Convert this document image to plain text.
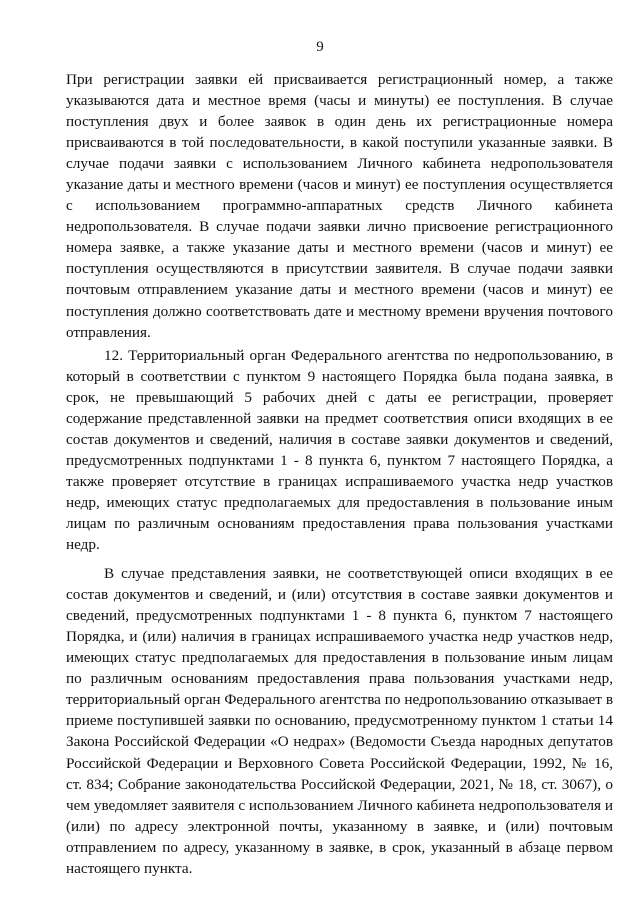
9

При регистрации заявки ей присваивается регистрационный номер, а также указываются дата и местное время (часы и минуты) ее поступления. В случае поступления двух и более заявок в один день их регистрационные номера присваиваются в той последовательности, в какой поступили указанные заявки. В случае подачи заявки с использованием Личного кабинета недропользователя указание даты и местного времени (часов и минут) ее поступления осуществляется с использованием программно-аппаратных средств Личного кабинета недропользователя. В случае подачи заявки лично присвоение регистрационного номера заявке, а также указание даты и местного времени (часов и минут) ее поступления осуществляются в присутствии заявителя. В случае подачи заявки почтовым отправлением указание даты и местного времени (часов и минут) ее поступления должно соответствовать дате и местному времени вручения почтового отправления.

12. Территориальный орган Федерального агентства по недропользованию, в который в соответствии с пунктом 9 настоящего Порядка была подана заявка, в срок, не превышающий 5 рабочих дней с даты ее регистрации, проверяет содержание представленной заявки на предмет соответствия описи входящих в ее состав документов и сведений, наличия в составе заявки документов и сведений, предусмотренных подпунктами 1 - 8 пункта 6, пунктом 7 настоящего Порядка, а также проверяет отсутствие в границах испрашиваемого участка недр участков недр, имеющих статус предполагаемых для предоставления в пользование иным лицам по различным основаниям предоставления права пользования участками недр.

В случае представления заявки, не соответствующей описи входящих в ее состав документов и сведений, и (или) отсутствия в составе заявки документов и сведений, предусмотренных подпунктами 1 - 8 пункта 6, пунктом 7 настоящего Порядка, и (или) наличия в границах испрашиваемого участка недр участков недр, имеющих статус предполагаемых для предоставления в пользование иным лицам по различным основаниям предоставления права пользования участками недр, территориальный орган Федерального агентства по недропользованию отказывает в приеме поступившей заявки по основанию, предусмотренному пунктом 1 статьи 14 Закона Российской Федерации «О недрах» (Ведомости Съезда народных депутатов Российской Федерации и Верховного Совета Российской Федерации, 1992, № 16, ст. 834; Собрание законодательства Российской Федерации, 2021, № 18, ст. 3067), о чем уведомляет заявителя с использованием Личного кабинета недропользователя и (или) по адресу электронной почты, указанному в заявке, и (или) почтовым отправлением по адресу, указанному в заявке, в срок, указанный в абзаце первом настоящего пункта.
